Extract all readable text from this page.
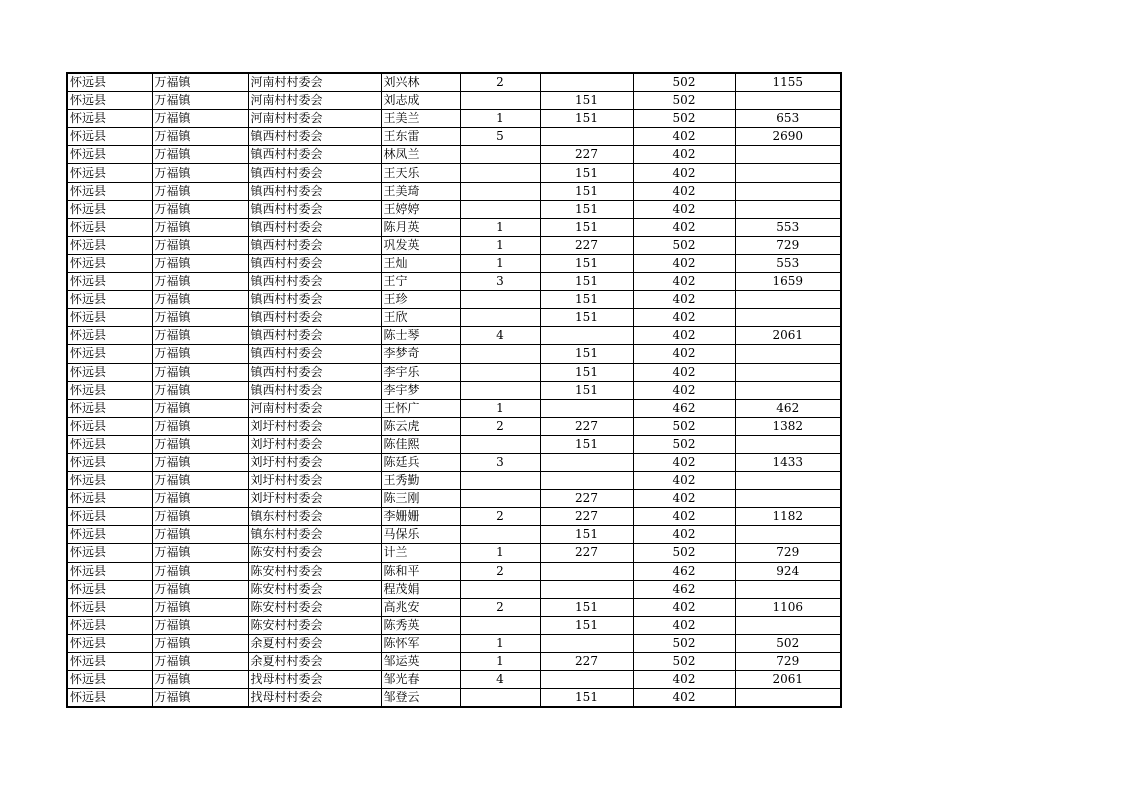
怀远县	万福镇	河南村村委会	刘兴林	2		502	1155
怀远县	万福镇	河南村村委会	刘志成		151	502	
怀远县	万福镇	河南村村委会	王美兰	1	151	502	653
怀远县	万福镇	镇西村村委会	王东雷	5		402	2690
怀远县	万福镇	镇西村村委会	林凤兰		227	402	
怀远县	万福镇	镇西村村委会	王天乐		151	402	
怀远县	万福镇	镇西村村委会	王美琦		151	402	
怀远县	万福镇	镇西村村委会	王婷婷		151	402	
怀远县	万福镇	镇西村村委会	陈月英	1	151	402	553
怀远县	万福镇	镇西村村委会	巩发英	1	227	502	729
怀远县	万福镇	镇西村村委会	王灿	1	151	402	553
怀远县	万福镇	镇西村村委会	王宁	3	151	402	1659
怀远县	万福镇	镇西村村委会	王珍		151	402	
怀远县	万福镇	镇西村村委会	王欣		151	402	
怀远县	万福镇	镇西村村委会	陈士琴	4		402	2061
怀远县	万福镇	镇西村村委会	李梦奇		151	402	
怀远县	万福镇	镇西村村委会	李宇乐		151	402	
怀远县	万福镇	镇西村村委会	李宇梦		151	402	
怀远县	万福镇	河南村村委会	王怀广	1		462	462
怀远县	万福镇	刘圩村村委会	陈云虎	2	227	502	1382
怀远县	万福镇	刘圩村村委会	陈佳熙		151	502	
怀远县	万福镇	刘圩村村委会	陈廷兵	3		402	1433
怀远县	万福镇	刘圩村村委会	王秀勤			402	
怀远县	万福镇	刘圩村村委会	陈三刚		227	402	
怀远县	万福镇	镇东村村委会	李姗姗	2	227	402	1182
怀远县	万福镇	镇东村村委会	马保乐		151	402	
怀远县	万福镇	陈安村村委会	计兰	1	227	502	729
怀远县	万福镇	陈安村村委会	陈和平	2		462	924
怀远县	万福镇	陈安村村委会	程茂娟			462	
怀远县	万福镇	陈安村村委会	高兆安	2	151	402	1106
怀远县	万福镇	陈安村村委会	陈秀英		151	402	
怀远县	万福镇	余夏村村委会	陈怀军	1		502	502
怀远县	万福镇	余夏村村委会	邹运英	1	227	502	729
怀远县	万福镇	找母村村委会	邹光春	4		402	2061
怀远县	万福镇	找母村村委会	邹登云		151	402	
